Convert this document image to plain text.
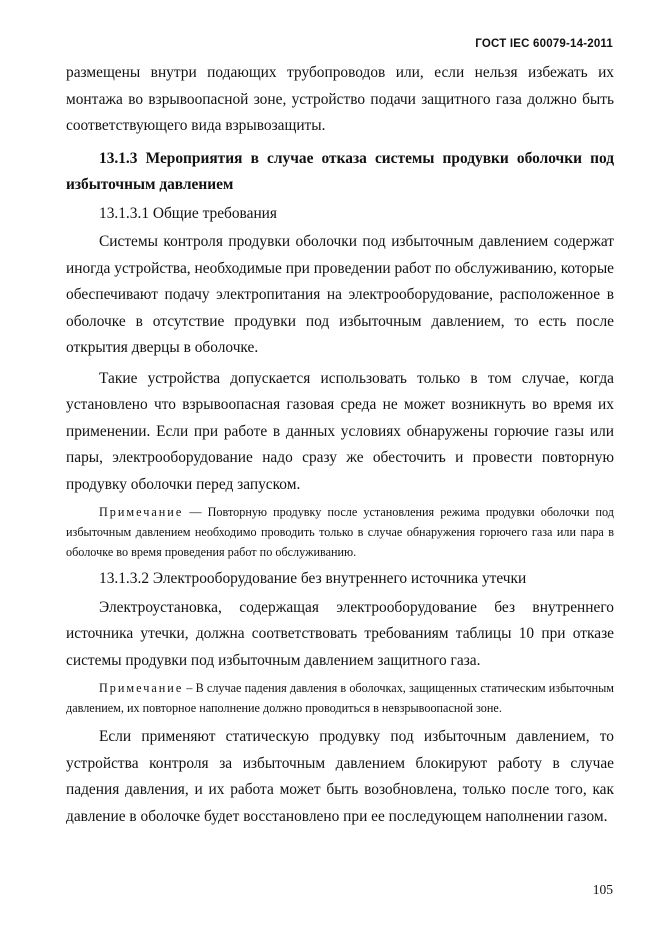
ГОСТ IEC 60079-14-2011

размещены внутри подающих трубопроводов или, если нельзя избежать их монтажа во взрывоопасной зоне, устройство подачи защитного газа должно быть соответствующего вида взрывозащиты.

13.1.3 Мероприятия в случае отказа системы продувки оболочки под избыточным давлением

13.1.3.1 Общие требования

Системы контроля продувки оболочки под избыточным давлением содержат иногда устройства, необходимые при проведении работ по обслуживанию, которые обеспечивают подачу электропитания на электрооборудование, расположенное в оболочке в отсутствие продувки под избыточным давлением, то есть после открытия дверцы в оболочке.

Такие устройства допускается использовать только в том случае, когда установлено что взрывоопасная газовая среда не может возникнуть во время их применении. Если при работе в данных условиях обнаружены горючие газы или пары, электрооборудование надо сразу же обесточить и провести повторную продувку оболочки перед запуском.

Примечание — Повторную продувку после установления режима продувки оболочки под избыточным давлением необходимо проводить только в случае обнаружения горючего газа или пара в оболочке во время проведения работ по обслуживанию.

13.1.3.2 Электрооборудование без внутреннего источника утечки

Электроустановка, содержащая электрооборудование без внутреннего источника утечки, должна соответствовать требованиям таблицы 10 при отказе системы продувки под избыточным давлением защитного газа.

Примечание – В случае падения давления в оболочках, защищенных статическим избыточным давлением, их повторное наполнение должно проводиться в невзрывоопасной зоне.

Если применяют статическую продувку под избыточным давлением, то устройства контроля за избыточным давлением блокируют работу в случае падения давления, и их работа может быть возобновлена, только после того, как давление в оболочке будет восстановлено при ее последующем наполнении газом.

105
